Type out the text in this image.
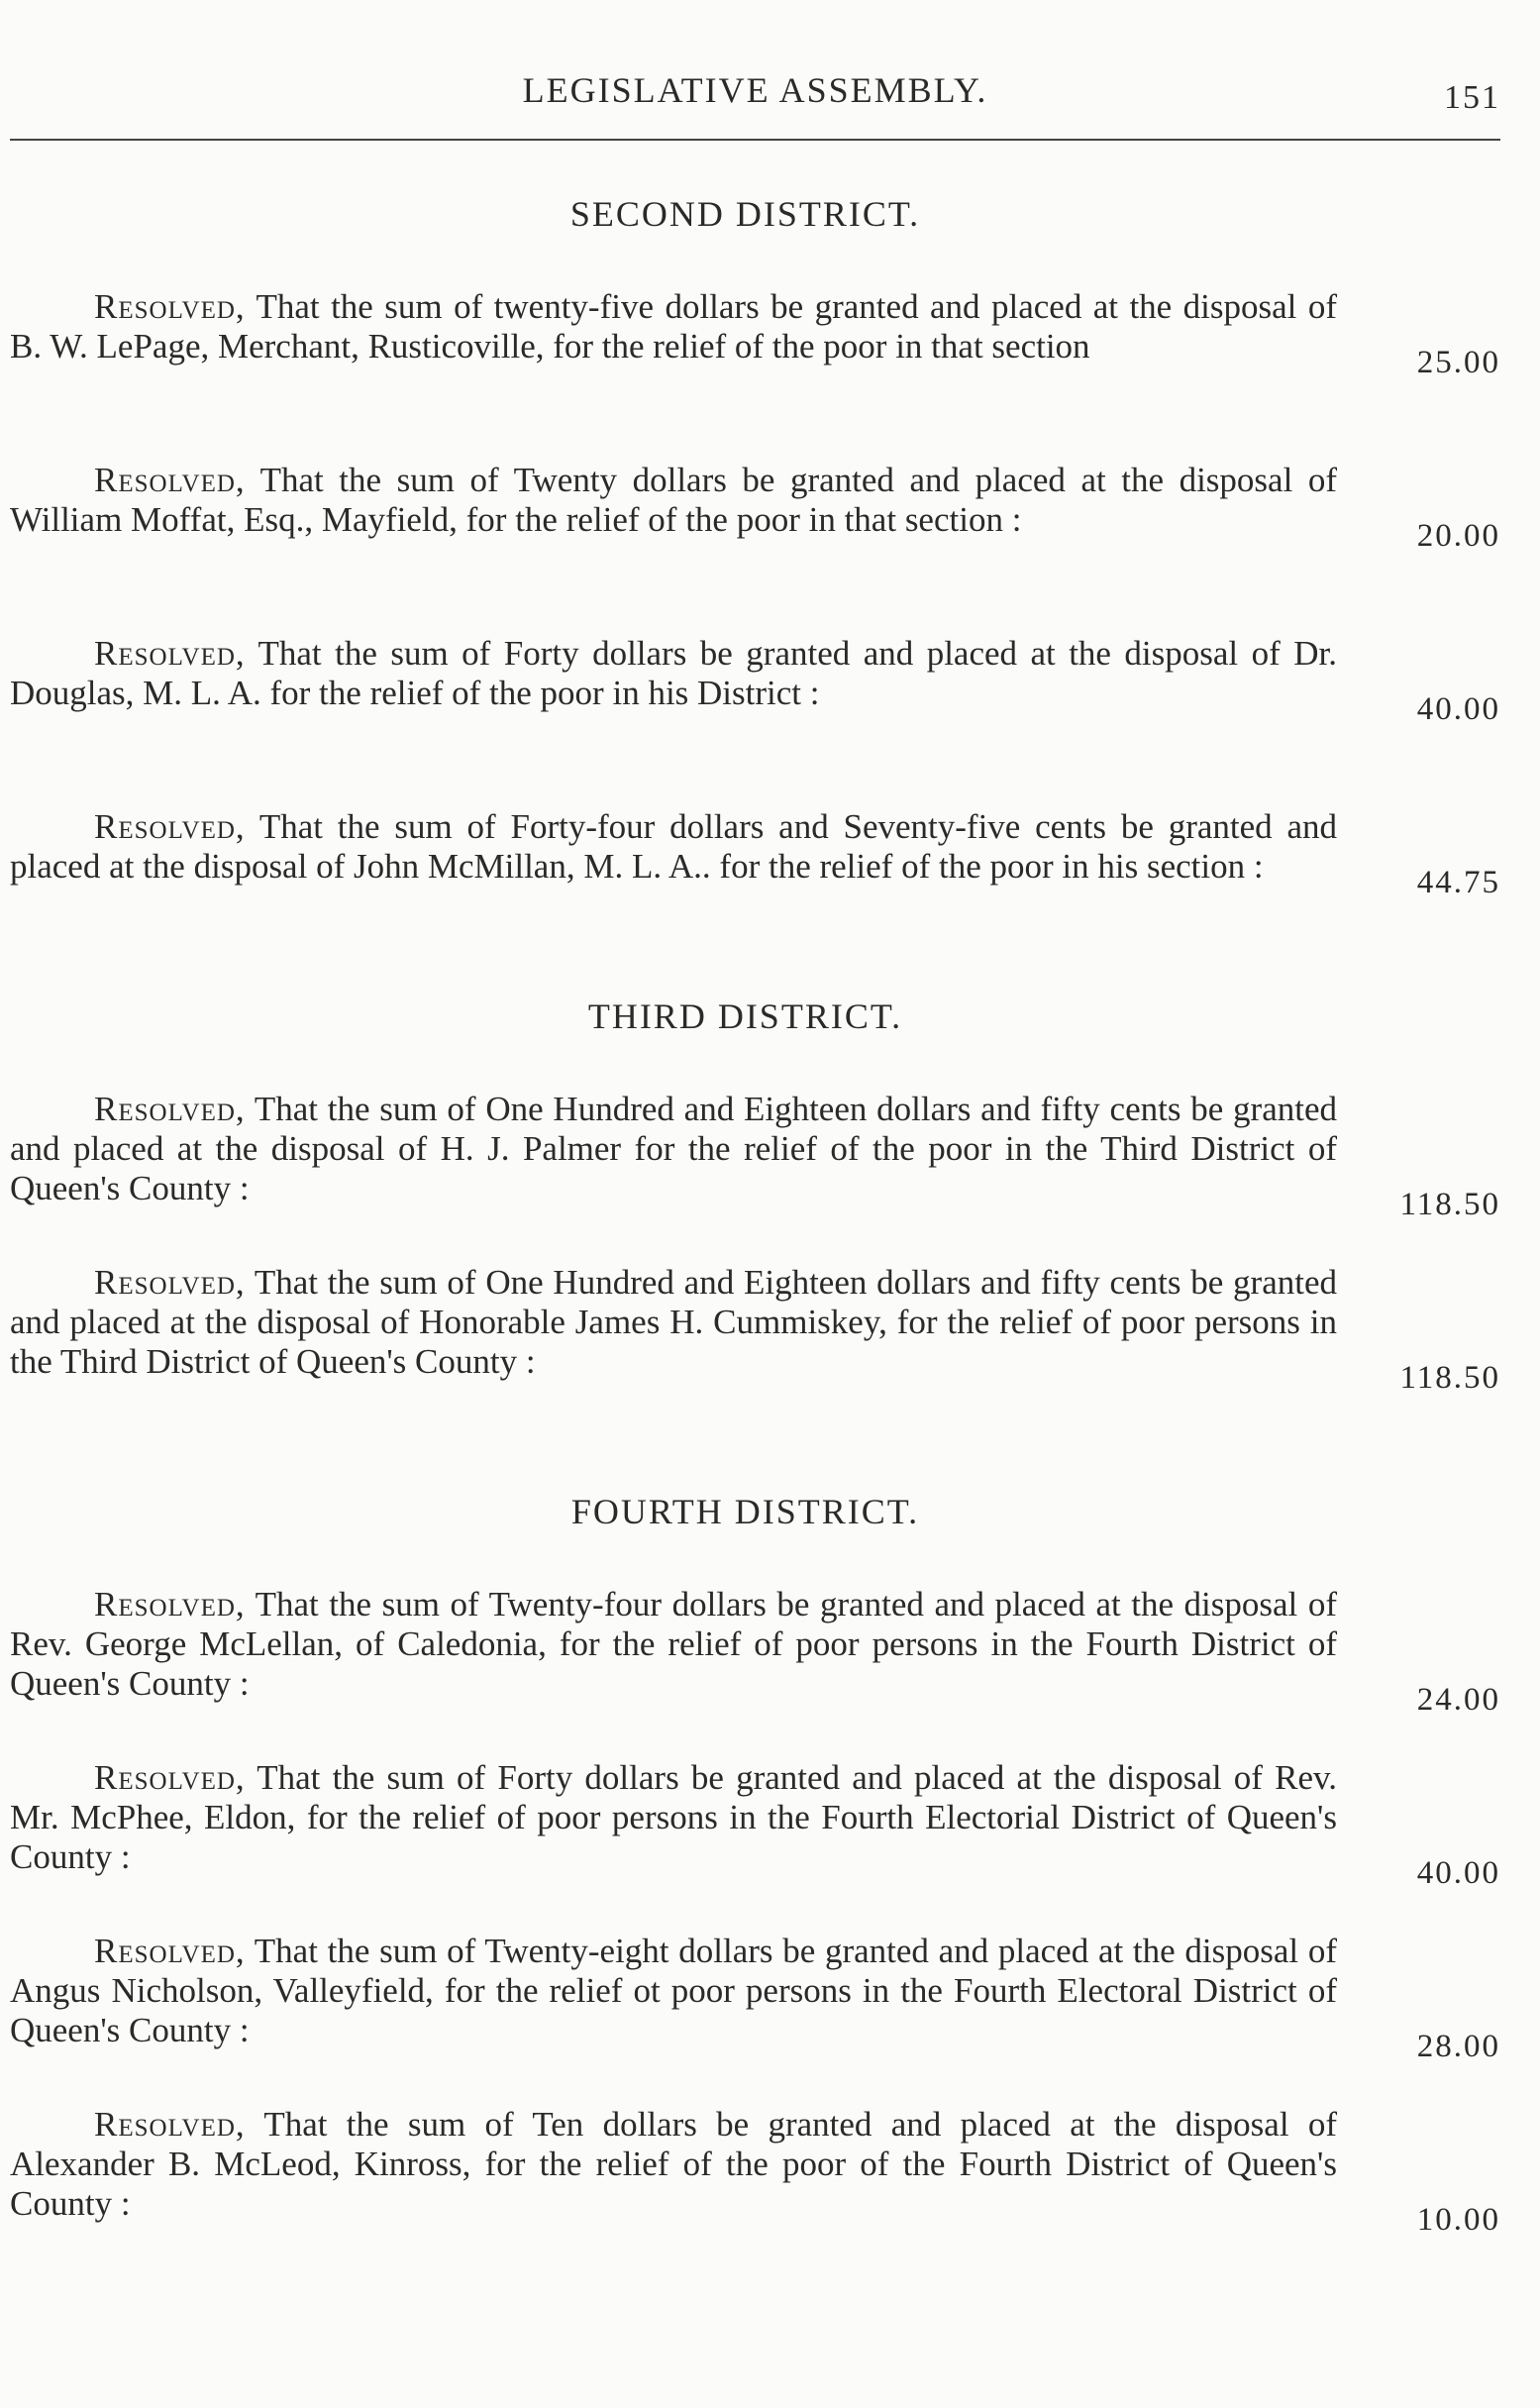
LEGISLATIVE ASSEMBLY.	151
SECOND DISTRICT.

Resolved, That the sum of twenty-five dollars be granted and placed at the disposal of B. W. LePage, Merchant, Rusticoville, for the relief of the poor in that section	25.00

Resolved, That the sum of Twenty dollars be granted and placed at the disposal of William Moffat, Esq., Mayfield, for the relief of the poor in that section :	20.00

Resolved, That the sum of Forty dollars be granted and placed at the disposal of Dr. Douglas, M. L. A. for the relief of the poor in his District :	40.00

Resolved, That the sum of Forty-four dollars and Seventy-five cents be granted and placed at the disposal of John McMillan, M. L. A.. for the relief of the poor in his section :	44.75
THIRD DISTRICT.

Resolved, That the sum of One Hundred and Eighteen dollars and fifty cents be granted and placed at the disposal of H. J. Palmer for the relief of the poor in the Third District of Queen's County :	118.50

Resolved, That the sum of One Hundred and Eighteen dollars and fifty cents be granted and placed at the disposal of Honorable James H. Cummiskey, for the relief of poor persons in the Third District of Queen's County :	118.50
FOURTH DISTRICT.

Resolved, That the sum of Twenty-four dollars be granted and placed at the disposal of Rev. George McLellan, of Caledonia, for the relief of poor persons in the Fourth District of Queen's County :	24.00

Resolved, That the sum of Forty dollars be granted and placed at the disposal of Rev. Mr. McPhee, Eldon, for the relief of poor persons in the Fourth Electorial District of Queen's County :	40.00

Resolved, That the sum of Twenty-eight dollars be granted and placed at the disposal of Angus Nicholson, Valleyfield, for the relief ot poor persons in the Fourth Electoral District of Queen's County :	28.00

Resolved, That the sum of Ten dollars be granted and placed at the disposal of Alexander B. McLeod, Kinross, for the relief of the poor of the Fourth District of Queen's County :	10.00
